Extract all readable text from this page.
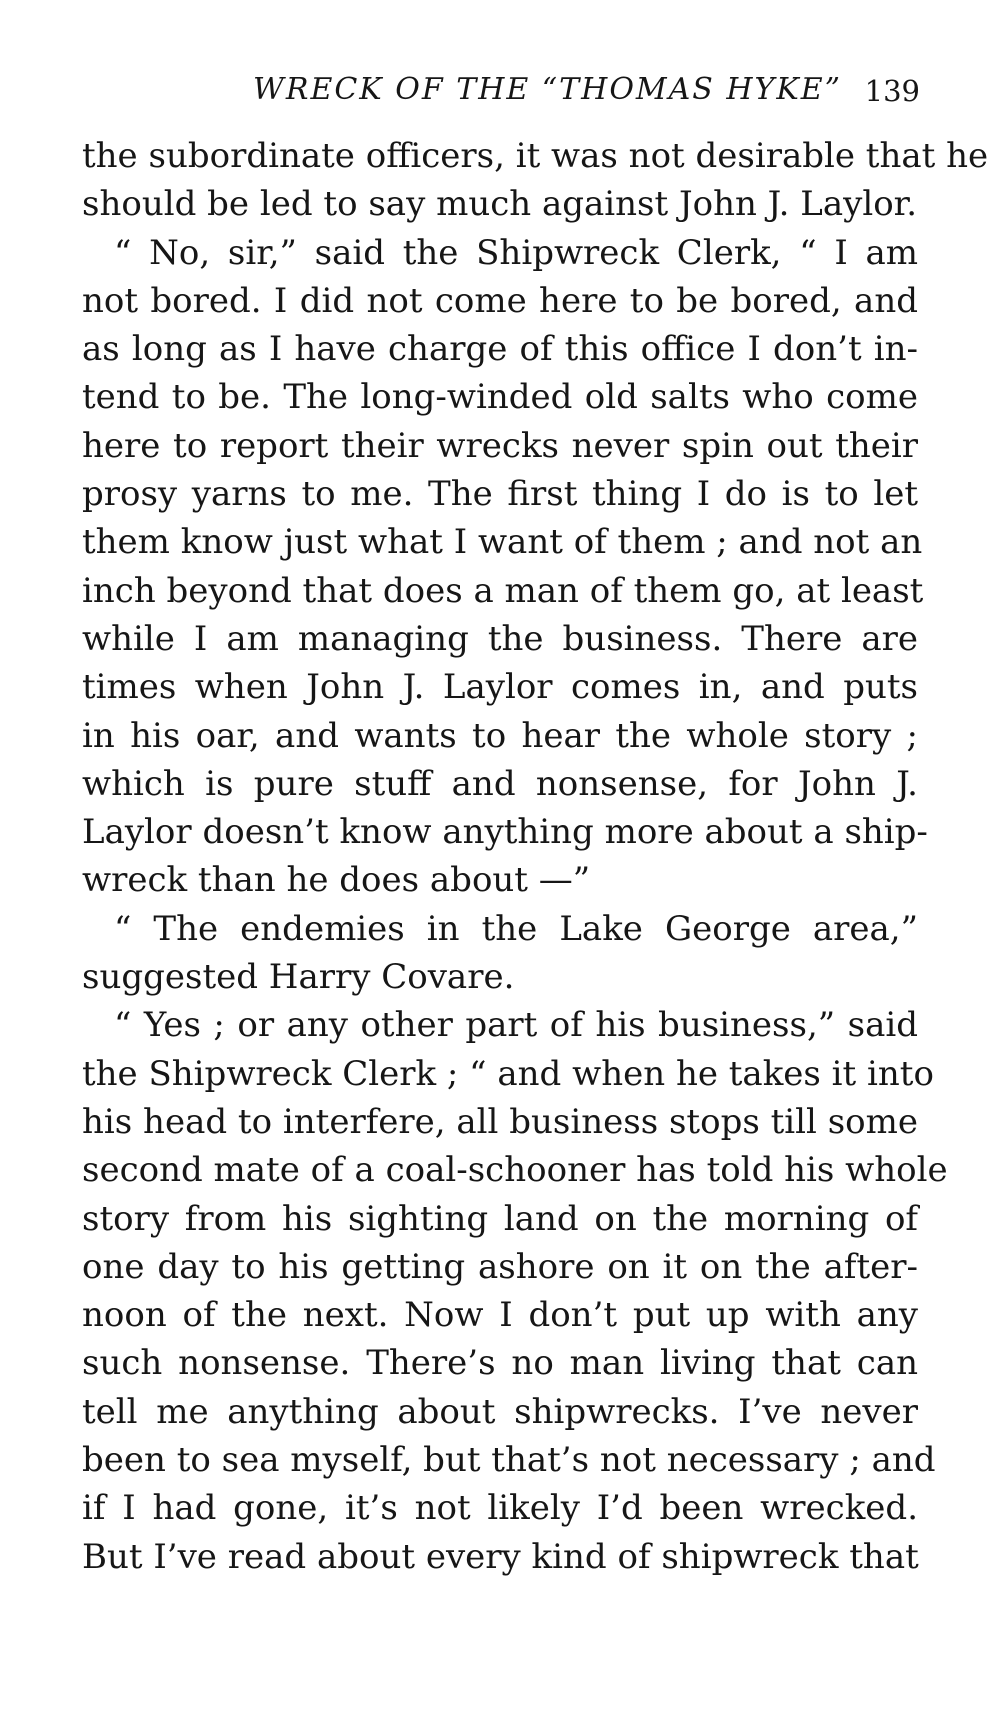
WRECK OF THE “THOMAS HYKE” 139
the subordinate officers, it was not desirable that he
should be led to say much against John J. Laylor.
“ No, sir,” said the Shipwreck Clerk, “ I am
not bored. I did not come here to be bored, and
as long as I have charge of this office I don’t in-
tend to be. The long-winded old salts who come
here to report their wrecks never spin out their
prosy yarns to me. The first thing I do is to let
them know just what I want of them ; and not an
inch beyond that does a man of them go, at least
while I am managing the business. There are
times when John J. Laylor comes in, and puts
in his oar, and wants to hear the whole story ;
which is pure stuff and nonsense, for John J.
Laylor doesn’t know anything more about a ship-
wreck than he does about —”
“ The endemies in the Lake George area,”
suggested Harry Covare.
“ Yes ; or any other part of his business,” said
the Shipwreck Clerk ; “ and when he takes it into
his head to interfere, all business stops till some
second mate of a coal-schooner has told his whole
story from his sighting land on the morning of
one day to his getting ashore on it on the after-
noon of the next. Now I don’t put up with any
such nonsense. There’s no man living that can
tell me anything about shipwrecks. I’ve never
been to sea myself, but that’s not necessary ; and
if I had gone, it’s not likely I’d been wrecked.
But I’ve read about every kind of shipwreck that
